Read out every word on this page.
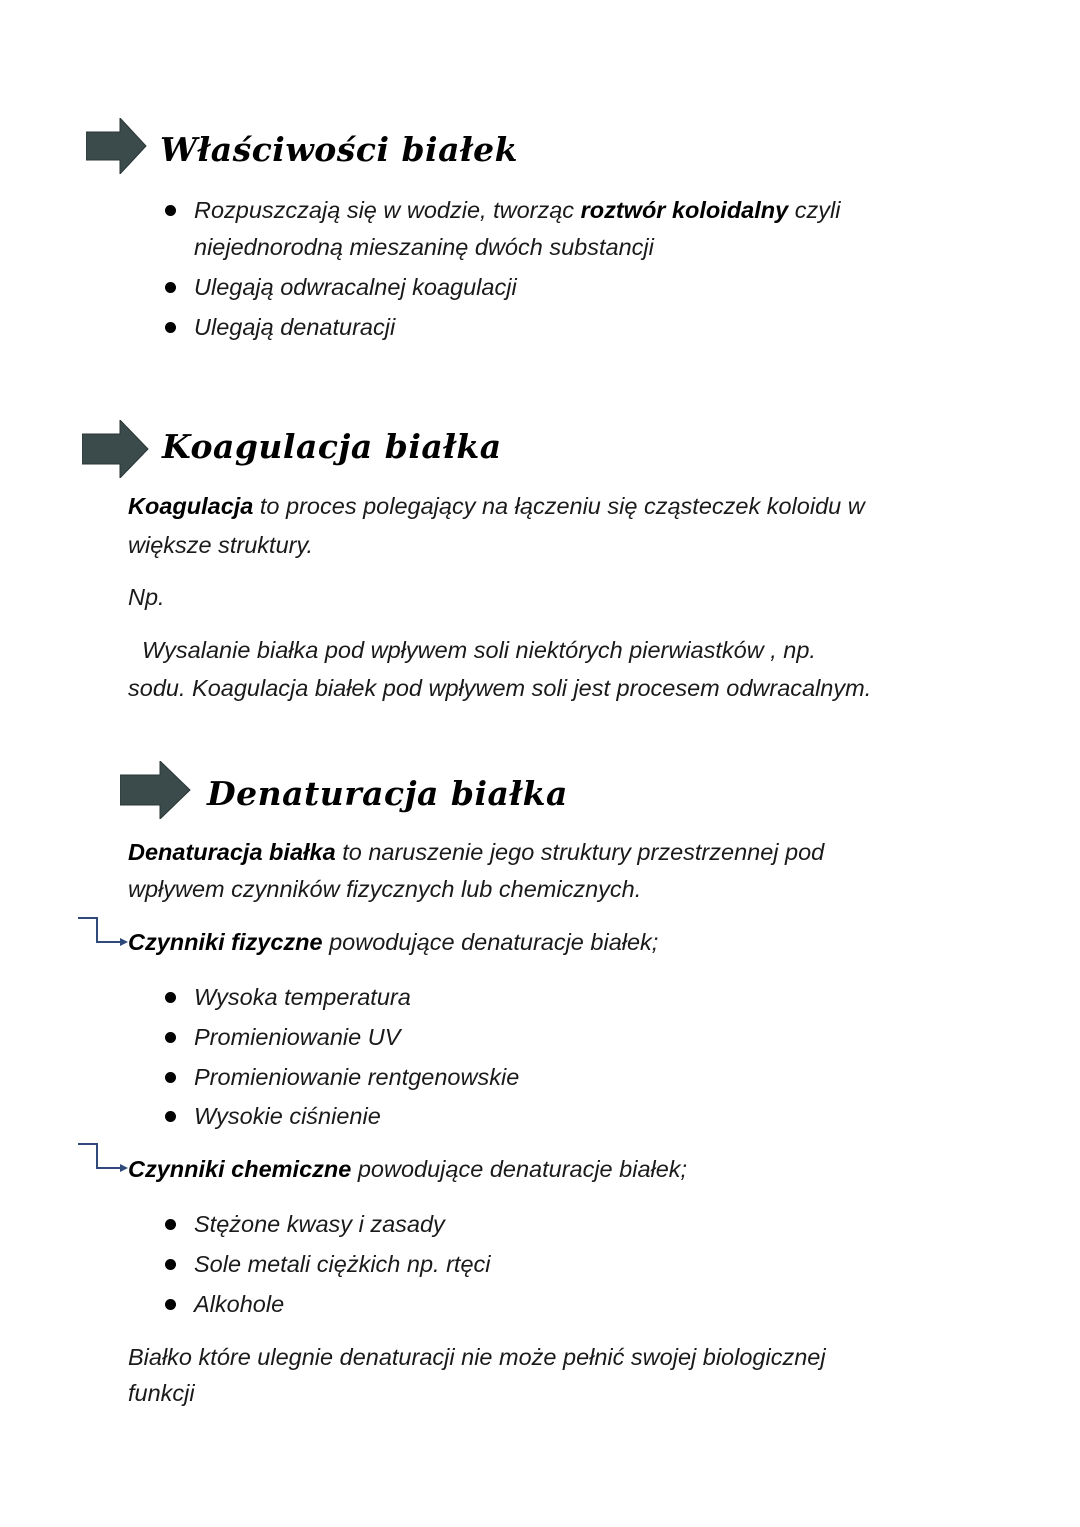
Właściwości białek
Rozpuszczają się w wodzie, tworząc roztwór koloidalny czyli
niejednorodną mieszaninę dwóch substancji
Ulegają odwracalnej koagulacji
Ulegają denaturacji
Koagulacja białka
Koagulacja to proces polegający na łączeniu się cząsteczek koloidu w
większe struktury.
Np.
Wysalanie białka pod wpływem soli niektórych pierwiastków , np.
sodu. Koagulacja białek pod wpływem soli jest procesem odwracalnym.
Denaturacja białka
Denaturacja białka to naruszenie jego struktury przestrzennej pod
wpływem czynników fizycznych lub chemicznych.
Czynniki fizyczne powodujące denaturacje białek;
Wysoka temperatura
Promieniowanie UV
Promieniowanie rentgenowskie
Wysokie ciśnienie
Czynniki chemiczne powodujące denaturacje białek;
Stężone kwasy i zasady
Sole metali ciężkich np. rtęci
Alkohole
Białko które ulegnie denaturacji nie może pełnić swojej biologicznej
funkcji
